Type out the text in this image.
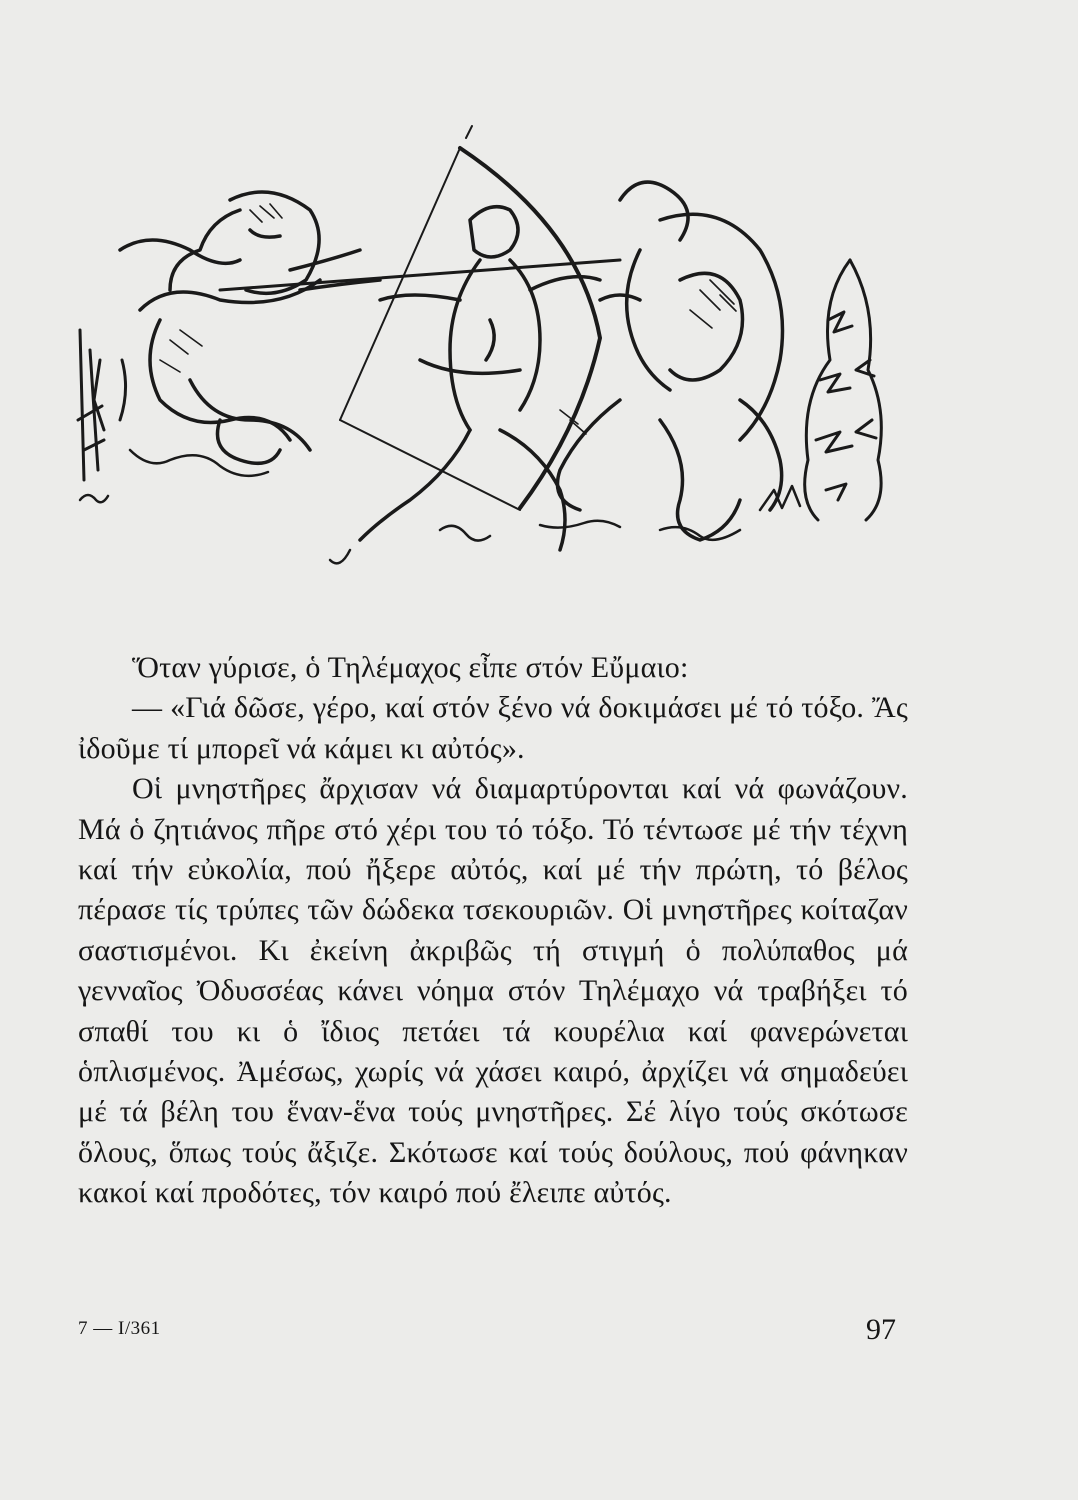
Ὅταν γύρισε, ὁ Τηλέμαχος εἶπε στόν Εὔμαιο:

— «Γιά δῶσε, γέρο, καί στόν ξένο νά δοκιμάσει μέ τό τόξο. Ἄς ἰδοῦμε τί μπορεῖ νά κάμει κι αὐτός».

Οἱ μνηστῆρες ἄρχισαν νά διαμαρτύρονται καί νά φωνάζουν. Μά ὁ ζητιάνος πῆρε στό χέρι του τό τόξο. Τό τέντωσε μέ τήν τέχνη καί τήν εὐκολία, πού ἤξερε αὐτός, καί μέ τήν πρώτη, τό βέλος πέρασε τίς τρύπες τῶν δώδεκα τσεκουριῶν. Οἱ μνηστῆρες κοίταζαν σαστισμένοι. Κι ἐκείνη ἀκριβῶς τή στιγμή ὁ πολύπαθος μά γενναῖος Ὀδυσσέας κάνει νόημα στόν Τηλέμαχο νά τραβήξει τό σπαθί του κι ὁ ἴδιος πετάει τά κουρέλια καί φανερώνεται ὁπλισμένος. Ἀμέσως, χωρίς νά χάσει καιρό, ἀρχίζει νά σημαδεύει μέ τά βέλη του ἕναν-ἕνα τούς μνηστῆρες. Σέ λίγο τούς σκότωσε ὅλους, ὅπως τούς ἄξιζε. Σκότωσε καί τούς δούλους, πού φάνηκαν κακοί καί προδότες, τόν καιρό πού ἔλειπε αὐτός.

7 — I/361	97
